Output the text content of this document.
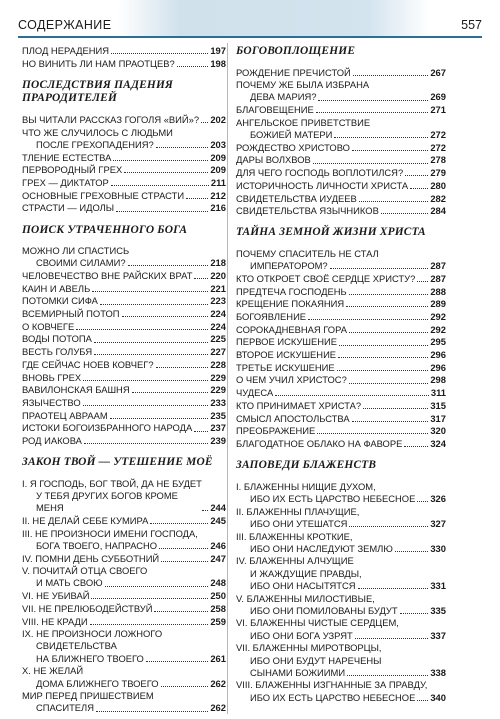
СОДЕРЖАНИЕ	557
ПЛОД НЕРАДЕНИЯ	197
НО ВИНИТЬ ЛИ НАМ ПРАОТЦЕВ?	198
ПОСЛЕДСТВИЯ ПАДЕНИЯ
ПРАРОДИТЕЛЕЙ
ВЫ ЧИТАЛИ РАССКАЗ ГОГОЛЯ «ВИЙ»? 202
ЧТО ЖЕ СЛУЧИЛОСЬ С ЛЮДЬМИ
ПОСЛЕ ГРЕХОПАДЕНИЯ?	203
ТЛЕНИЕ ЕСТЕСТВА	209
ПЕРВОРОДНЫЙ ГРЕХ	209
ГРЕХ — ДИКТАТОР	211
ОСНОВНЫЕ ГРЕХОВНЫЕ СТРАСТИ	212
СТРАСТИ — ИДОЛЫ	216
ПОИСК УТРАЧЕННОГО БОГА
МОЖНО ЛИ СПАСТИСЬ
СВОИМИ СИЛАМИ?	218
ЧЕЛОВЕЧЕСТВО ВНЕ РАЙСКИХ ВРАТ 220
КАИН И АВЕЛЬ	221
ПОТОМКИ СИФА	223
ВСЕМИРНЫЙ ПОТОП	224
О КОВЧЕГЕ	224
ВОДЫ ПОТОПА	225
ВЕСТЬ ГОЛУБЯ	227
ГДЕ СЕЙЧАС НОЕВ КОВЧЕГ?	228
ВНОВЬ ГРЕХ	229
ВАВИЛОНСКАЯ БАШНЯ	229
ЯЗЫЧЕСТВО	233
ПРАОТЕЦ АВРААМ	235
ИСТОКИ БОГОИЗБРАННОГО НАРОДА 237
РОД ИАКОВА	239
ЗАКОН ТВОЙ — УТЕШЕНИЕ МОЁ
I. Я ГОСПОДЬ, БОГ ТВОЙ, ДА НЕ БУДЕТ
У ТЕБЯ ДРУГИХ БОГОВ КРОМЕ МЕНЯ	244
II. НЕ ДЕЛАЙ СЕБЕ КУМИРА	245
III. НЕ ПРОИЗНОСИ ИМЕНИ ГОСПОДА,
БОГА ТВОЕГО, НАПРАСНО	246
IV. ПОМНИ ДЕНЬ СУББОТНИЙ	247
V. ПОЧИТАЙ ОТЦА СВОЕГО
И МАТЬ СВОЮ	248
VI. НЕ УБИВАЙ	250
VII. НЕ ПРЕЛЮБОДЕЙСТВУЙ	258
VIII. НЕ КРАДИ	259
IX. НЕ ПРОИЗНОСИ ЛОЖНОГО
СВИДЕТЕЛЬСТВА
НА БЛИЖНЕГО ТВОЕГО	261
X. НЕ ЖЕЛАЙ
ДОМА БЛИЖНЕГО ТВОЕГО	262
МИР ПЕРЕД ПРИШЕСТВИЕМ
СПАСИТЕЛЯ	262
БОГОВОПЛОЩЕНИЕ
РОЖДЕНИЕ ПРЕЧИСТОЙ	267
ПОЧЕМУ ЖЕ БЫЛА ИЗБРАНА
ДЕВА МАРИЯ?	269
БЛАГОВЕЩЕНИЕ	271
АНГЕЛЬСКОЕ ПРИВЕТСТВИЕ
БОЖИЕЙ МАТЕРИ	272
РОЖДЕСТВО ХРИСТОВО	272
ДАРЫ ВОЛХВОВ	278
ДЛЯ ЧЕГО ГОСПОДЬ ВОПЛОТИЛСЯ?	279
ИСТОРИЧНОСТЬ ЛИЧНОСТИ ХРИСТА 280
СВИДЕТЕЛЬСТВА ИУДЕЕВ	282
СВИДЕТЕЛЬСТВА ЯЗЫЧНИКОВ	284
ТАЙНА ЗЕМНОЙ ЖИЗНИ ХРИСТА
ПОЧЕМУ СПАСИТЕЛЬ НЕ СТАЛ
ИМПЕРАТОРОМ?	287
КТО ОТКРОЕТ СВОЁ СЕРДЦЕ ХРИСТУ? 287
ПРЕДТЕЧА ГОСПОДЕНЬ	288
КРЕЩЕНИЕ ПОКАЯНИЯ	289
БОГОЯВЛЕНИЕ	292
СОРОКАДНЕВНАЯ ГОРА	292
ПЕРВОЕ ИСКУШЕНИЕ	295
ВТОРОЕ ИСКУШЕНИЕ	296
ТРЕТЬЕ ИСКУШЕНИЕ	296
О ЧЕМ УЧИЛ ХРИСТОС?	298
ЧУДЕСА	311
КТО ПРИНИМАЕТ ХРИСТА?	315
СМЫСЛ АПОСТОЛЬСТВА	317
ПРЕОБРАЖЕНИЕ	320
БЛАГОДАТНОЕ ОБЛАКО НА ФАВОРЕ	324
ЗАПОВЕДИ БЛАЖЕНСТВ
I. БЛАЖЕННЫ НИЩИЕ ДУХОМ,
ИБО ИХ ЕСТЬ ЦАРСТВО НЕБЕСНОЕ 326
II. БЛАЖЕННЫ ПЛАЧУЩИЕ,
ИБО ОНИ УТЕШАТСЯ	327
III. БЛАЖЕННЫ КРОТКИЕ,
ИБО ОНИ НАСЛЕДУЮТ ЗЕМЛЮ	330
IV. БЛАЖЕННЫ АЛЧУЩИЕ
И ЖАЖДУЩИЕ ПРАВДЫ,
ИБО ОНИ НАСЫТЯТСЯ	331
V. БЛАЖЕННЫ МИЛОСТИВЫЕ,
ИБО ОНИ ПОМИЛОВАНЫ БУДУТ	335
VI. БЛАЖЕННЫ ЧИСТЫЕ СЕРДЦЕМ,
ИБО ОНИ БОГА УЗРЯТ	337
VII. БЛАЖЕННЫ МИРОТВОРЦЫ,
ИБО ОНИ БУДУТ НАРЕЧЕНЫ
СЫНАМИ БОЖИИМИ	338
VIII. БЛАЖЕННЫ ИЗГНАННЫЕ ЗА ПРАВДУ,
ИБО ИХ ЕСТЬ ЦАРСТВО НЕБЕСНОЕ 340
